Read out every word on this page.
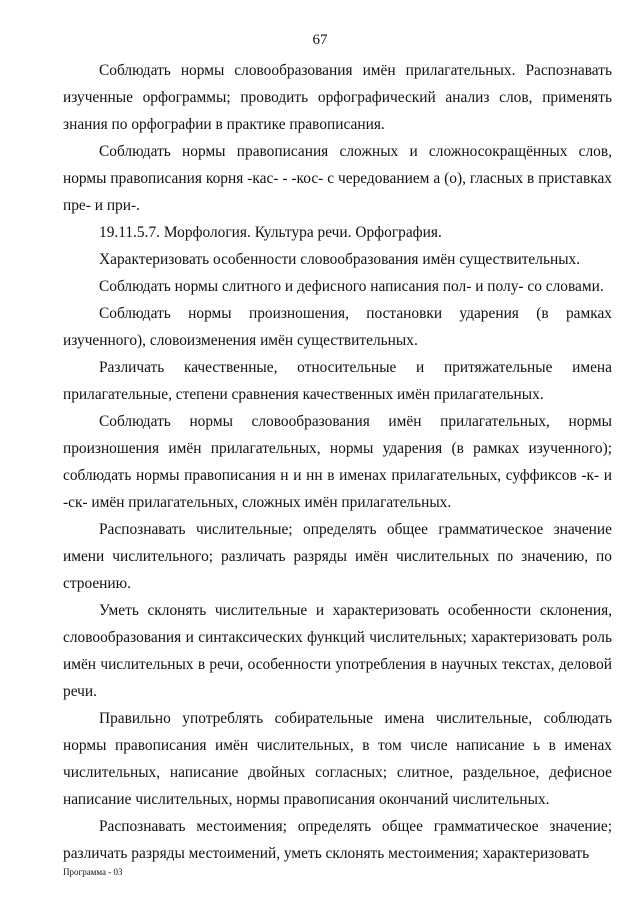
67

Соблюдать нормы словообразования имён прилагательных. Распознавать изученные орфограммы; проводить орфографический анализ слов, применять знания по орфографии в практике правописания.

Соблюдать нормы правописания сложных и сложносокращённых слов, нормы правописания корня -кас- - -кос- с чередованием а (о), гласных в приставках пре- и при-.

19.11.5.7. Морфология. Культура речи. Орфография.

Характеризовать особенности словообразования имён существительных.

Соблюдать нормы слитного и дефисного написания пол- и полу- со словами.

Соблюдать нормы произношения, постановки ударения (в рамках изученного), словоизменения имён существительных.

Различать качественные, относительные и притяжательные имена прилагательные, степени сравнения качественных имён прилагательных.

Соблюдать нормы словообразования имён прилагательных, нормы произношения имён прилагательных, нормы ударения (в рамках изученного); соблюдать нормы правописания н и нн в именах прилагательных, суффиксов -к- и -ск- имён прилагательных, сложных имён прилагательных.

Распознавать числительные; определять общее грамматическое значение имени числительного; различать разряды имён числительных по значению, по строению.

Уметь склонять числительные и характеризовать особенности склонения, словообразования и синтаксических функций числительных; характеризовать роль имён числительных в речи, особенности употребления в научных текстах, деловой речи.

Правильно употреблять собирательные имена числительные, соблюдать нормы правописания имён числительных, в том числе написание ь в именах числительных, написание двойных согласных; слитное, раздельное, дефисное написание числительных, нормы правописания окончаний числительных.

Распознавать местоимения; определять общее грамматическое значение; различать разряды местоимений, уметь склонять местоимения; характеризовать

Программа - 03
